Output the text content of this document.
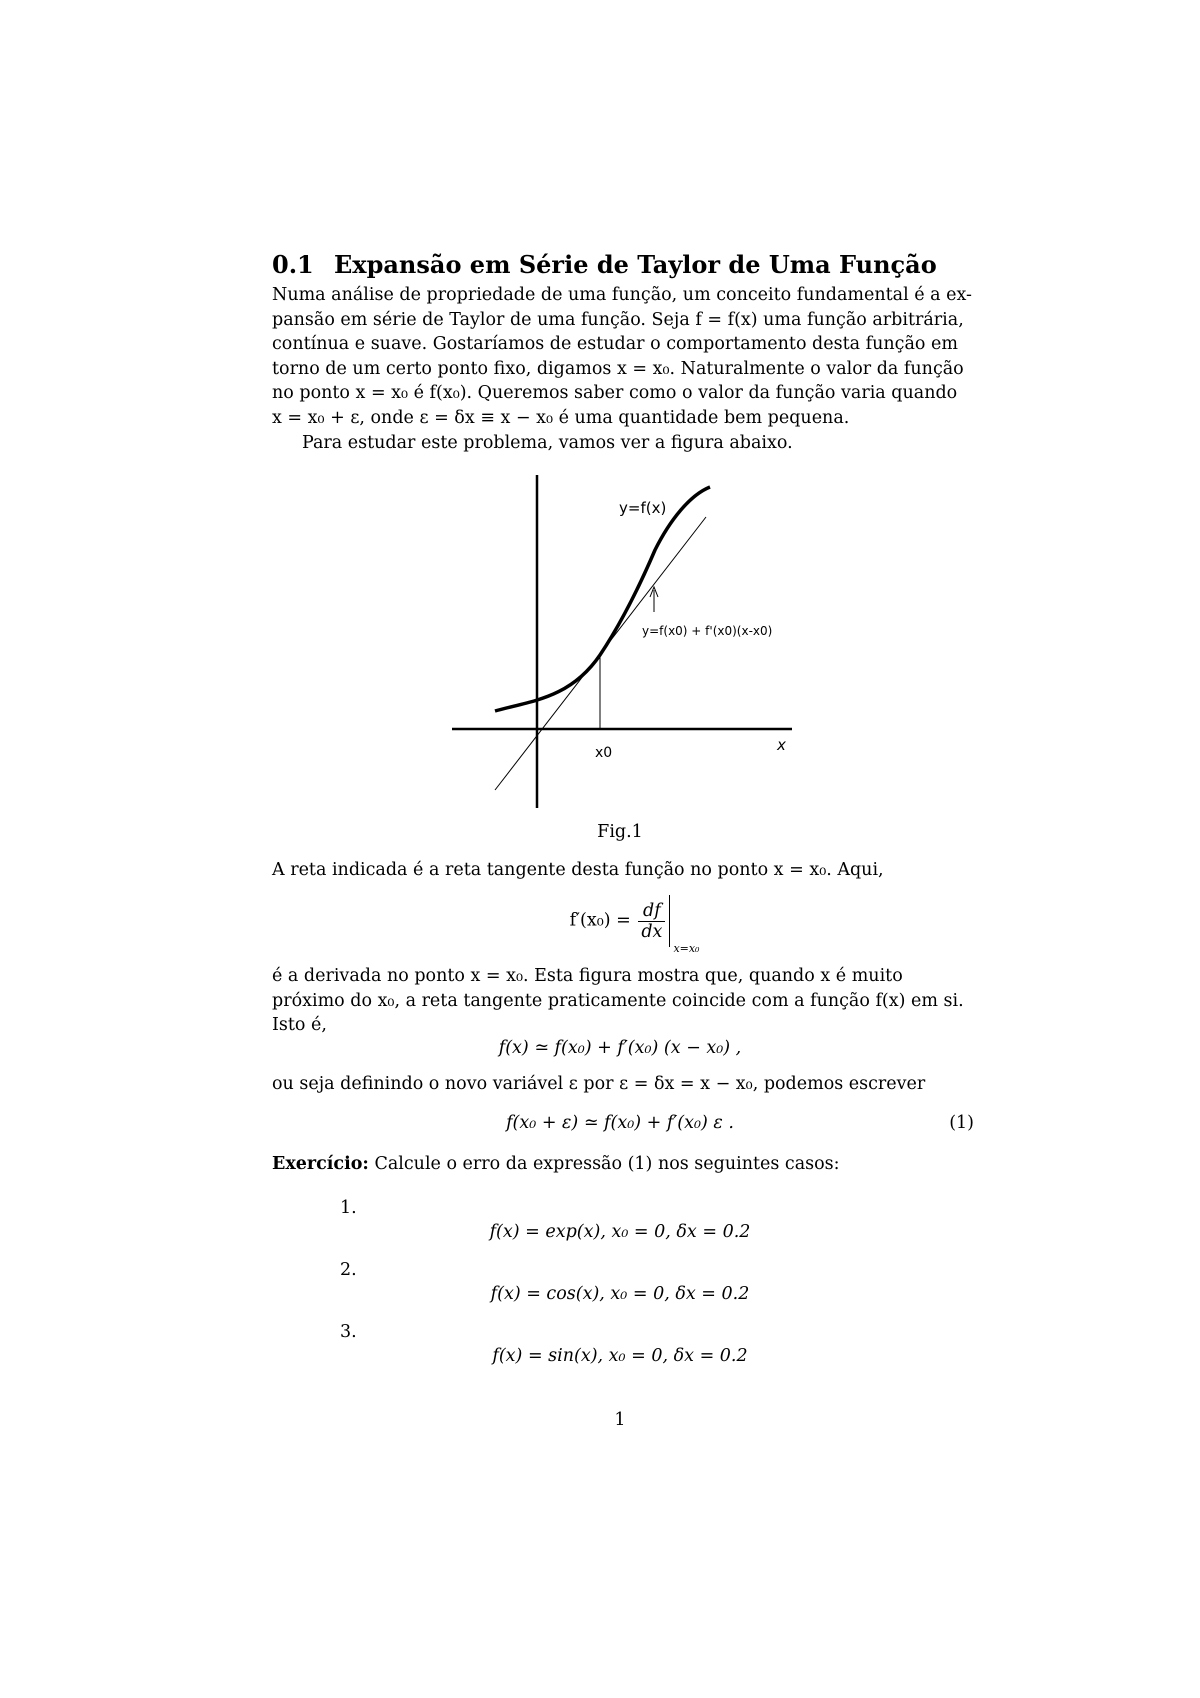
0.1 Expansão em Série de Taylor de Uma Função
Numa análise de propriedade de uma função, um conceito fundamental é a ex-
pansão em série de Taylor de uma função. Seja f = f(x) uma função arbitrária,
contínua e suave. Gostaríamos de estudar o comportamento desta função em
torno de um certo ponto fixo, digamos x = x₀. Naturalmente o valor da função
no ponto x = x₀ é f(x₀). Queremos saber como o valor da função varia quando
x = x₀ + ε, onde ε = δx ≡ x − x₀ é uma quantidade bem pequena.
Para estudar este problema, vamos ver a figura abaixo.
y=f(x)
y=f(x0) + f'(x0)(x-x0)
x0	x
Fig.1
A reta indicada é a reta tangente desta função no ponto x = x₀. Aqui,
$f'(x_0) = \frac{df}{dx}$
x=x₀
é a derivada no ponto x = x₀. Esta figura mostra que, quando x é muito
próximo do x₀, a reta tangente praticamente coincide com a função f(x) em si.
Isto é,
f(x) ≃ f(x₀) + f′(x₀) (x − x₀) ,
ou seja definindo o novo variável ε por ε = δx = x − x₀, podemos escrever
f(x₀ + ε) ≃ f(x₀) + f′(x₀) ε .	(1)
Exercício: Calcule o erro da expressão (1) nos seguintes casos:
1.
f(x) = exp(x), x₀ = 0, δx = 0.2
2.
f(x) = cos(x), x₀ = 0, δx = 0.2
3.
f(x) = sin(x), x₀ = 0, δx = 0.2
1
